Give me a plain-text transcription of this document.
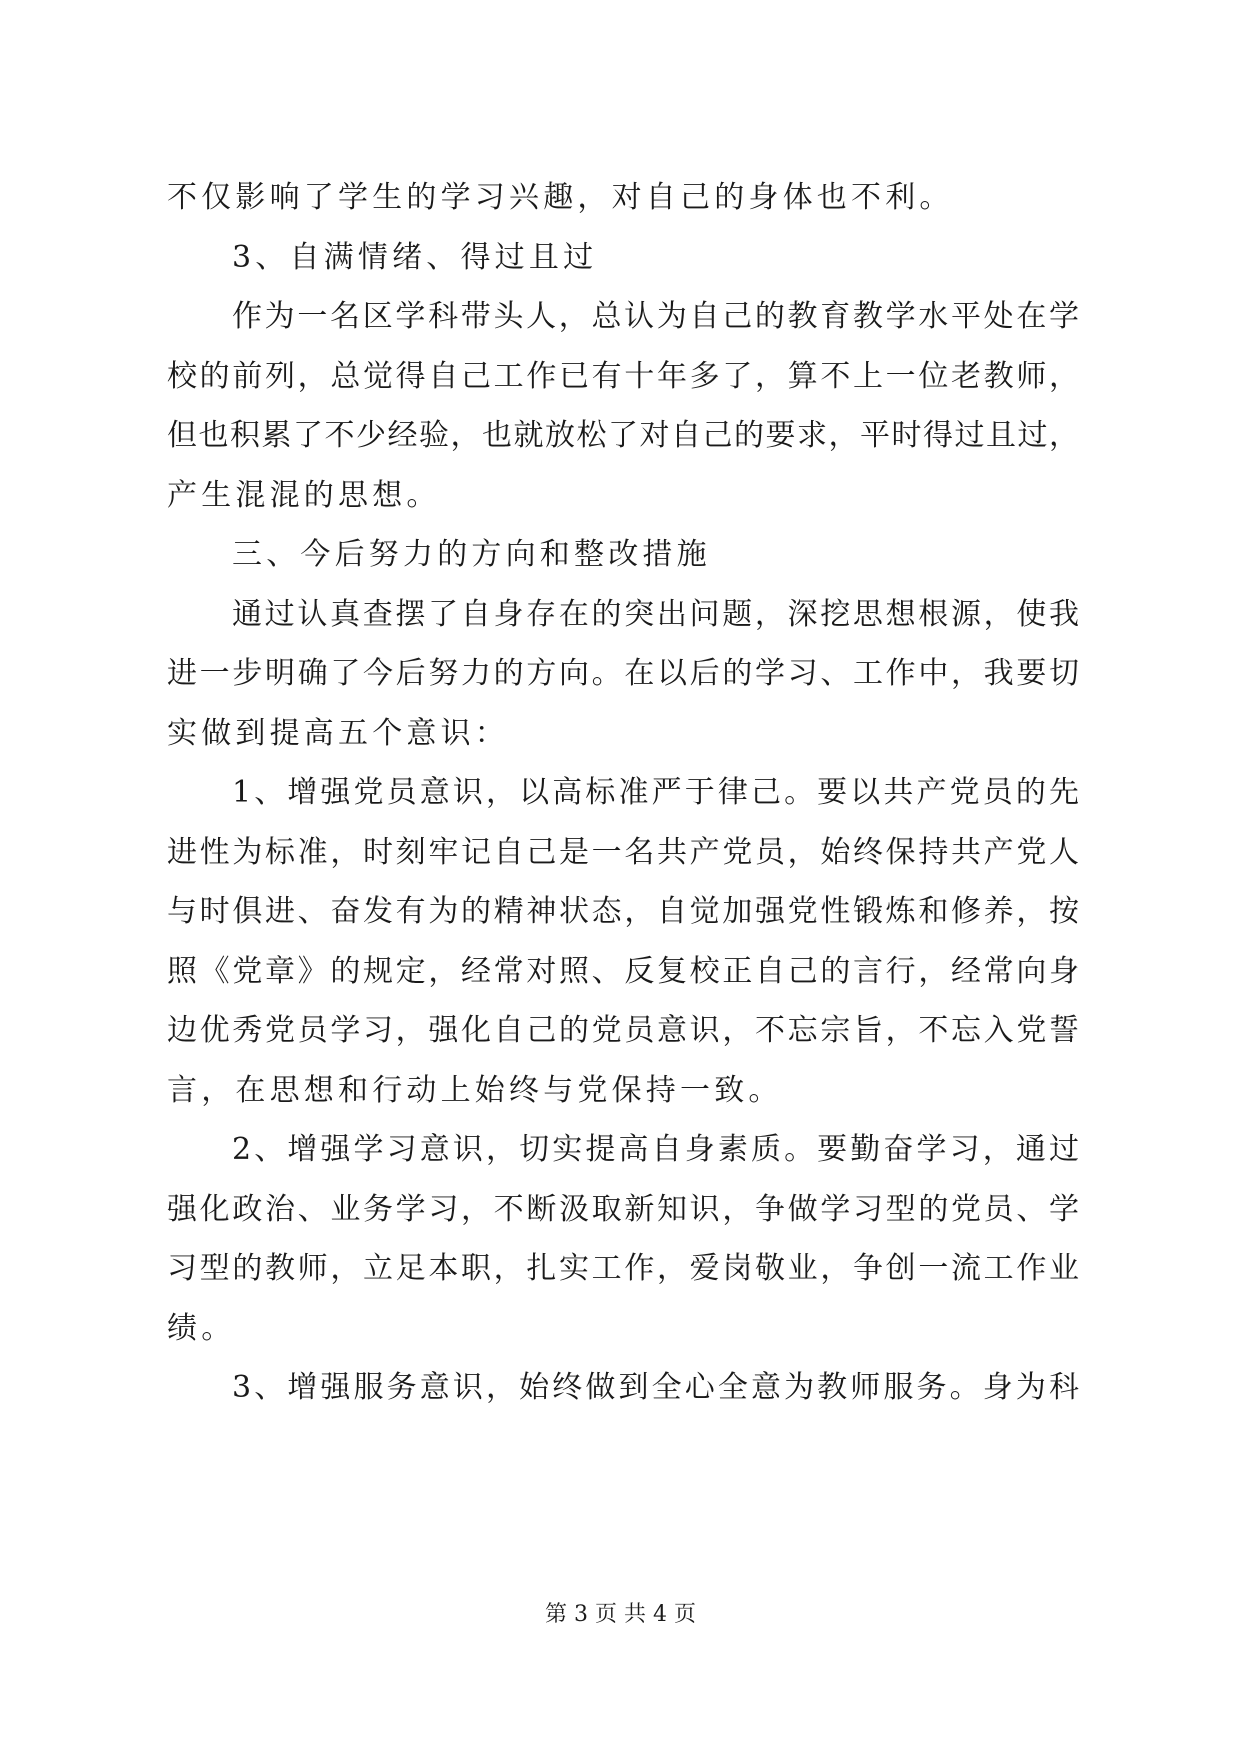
不仅影响了学生的学习兴趣，对自己的身体也不利。
3、自满情绪、得过且过
作为一名区学科带头人，总认为自己的教育教学水平处在学
校的前列，总觉得自己工作已有十年多了，算不上一位老教师，
但也积累了不少经验，也就放松了对自己的要求，平时得过且过，
产生混混的思想。
三、今后努力的方向和整改措施
通过认真查摆了自身存在的突出问题，深挖思想根源，使我
进一步明确了今后努力的方向。在以后的学习、工作中，我要切
实做到提高五个意识：
1、增强党员意识，以高标准严于律己。要以共产党员的先
进性为标准，时刻牢记自己是一名共产党员，始终保持共产党人
与时俱进、奋发有为的精神状态，自觉加强党性锻炼和修养，按
照《党章》的规定，经常对照、反复校正自己的言行，经常向身
边优秀党员学习，强化自己的党员意识，不忘宗旨，不忘入党誓
言，在思想和行动上始终与党保持一致。
2、增强学习意识，切实提高自身素质。要勤奋学习，通过
强化政治、业务学习，不断汲取新知识，争做学习型的党员、学
习型的教师，立足本职，扎实工作，爱岗敬业，争创一流工作业
绩。
3、增强服务意识，始终做到全心全意为教师服务。身为科
第 3 页 共 4 页
